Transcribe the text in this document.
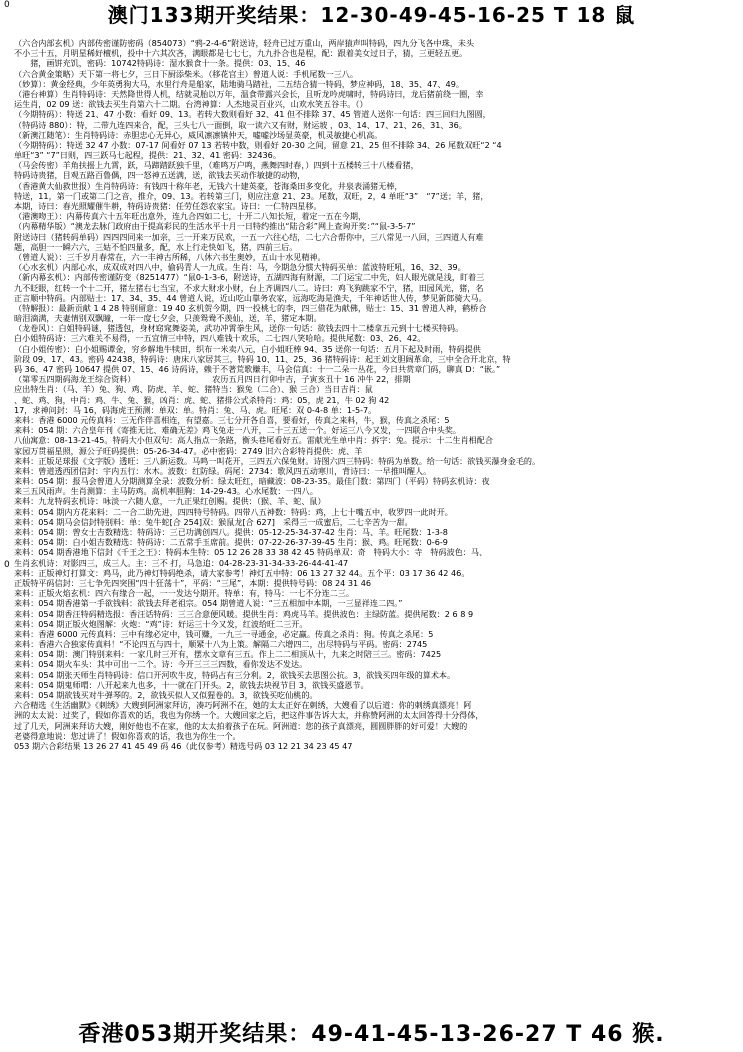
澳门133期开奖结果：12-30-49-45-16-25 T 18 鼠
0
0
（六合内部玄机）内部传密谨防密码（854073）“鸦-2-4-6”附送诗，轻舟已过万重山，两岸猿声叫特码，四九分飞各中珠，未头
不小三十五，月明星稀好檀机，投中十六其次吝，满眼都是七七七，九九扑合也是程，配：跟着美女过日子，猜，三更轻五更。
　　猪，画饼充饥，密码：10742特码诗：湿水猴食十一条。提供：03、15、46
（六合黄金策略）天下第一将七夕，三日下厨添柴米。（移花宫主）曾道人说：手机尾数一三八。
（妙算）：黄金经典，少年英勇狗大马，水里行舟是船家，陆地骑马踏社，二五结合猜一特码，梦应神码，18、35、47、49。
（港台神算）生肖特码诗：天然降世得人机，结就灵胎以万年，温食带露兴会长，且听龙吟虎啸时，特码诗曰，龙后猪前绕一圈，幸
运生肖，02 09 送：欲钱去买生肖第六十二期。台湾神算：人杰地灵百业兴，山欢水笑五谷丰。（）
（今期特码）：特送 21、47 小数：看好 09、13。若转大数则看好 32、41 但不排除 37、45 管道人送你一句话：四三回归九图圆，
（特码诗 880）：特，二带九连四来合，配，三头七八一面倒，取一读六又有财，财运坡 ，03、14、17、21、26、31、36。
（新澳江随笔）：生肖特码诗：赤胆忠心无异心，威风凛凛镇仲天，嘘嘘沙场显英豪，机灵敏捷心机高。
（今期特码）：特送 32 47 小数：07-17 间看好 07 13 若转中数，则看好 20-30 之间，留意 21、25 但不排除 34、26 尾数双旺“2 “4
单旺“3” “7”日则，四三跃马七起程，提供：21、32、41 密码：32436。
（马会传密）羊角扶摇上九霄，跃，马蹄踏跃独千里，（难鸣万户鸣，燕舞四时春，）四到十五楼转三十八楼看猪，
特码诗贵猪，目观五路百鲁偶，四一怒神五送满，送，欲钱去买动作敏捷的动物，
（香港黄大仙救世报）生肖特码诗：有钱四十称年老，无钱六十建英豪，苍海桑田多变化，井泉表涌猪无棒，
特送，11，第一门或第二门之音，推介，09、13。若转第三门，则应注意 21、23。尾数，双旺，2，4 单旺“3”　“7”送；羊，猪，
本期，诗曰：春光照耀催牛耕，特码诗贵猪：任劳任怨农家宝。诗曰：一仁特四星移。
（港澳吻王）：内幕传真六十五年旺出意外，连九合四如二七，十开二八知长短，着定一五在今期，
（内幕精华版）“澳龙去脉门政府由于提高彩民的生活水平十月一日特约推出“陆合彩”网上查询开奖：”“鼠-3-5-7”
附送诗曰（猪转码单码）四四四同来一加亲，三一开来万民欢，一五一六往心结，二七六合帮你中，三八常见一八回，三四道人有难
题，高胆一一瞬六六，三姑不怕四量多，配，水上行走快如飞，猪，四前三后。
（曾道人说）：三千岁月春常在，六一丰神古所稀，八休六书生奥妙，五山十水见精神。
（心水玄机）内部心水，成双成对四八中，偷码青人一九成。生肖：马，今期急分惯大特码买单：蓝波特旺吼，16、32、39。
（新内幕玄机）：内部传密谨防变（8251477）“鼠0-1-3-6，附送诗，五湖四海有财源，二门运宝二中先，妇人眼光就是浅，盯着三
九不眨眼，红转一个十二开，猪左猪右七当宝，不求大财求小财，台上齐调四八二。诗曰：鸡飞狗跳家不宁，猪，田园风光，猪，名
正言顺中特码。内部贴士：17、34、35、44 曾道人说，近山吃山靠务农家，远海吃海是渔夫，千年神话世人传，梦见新郎骑大马。
（特解报）：最新贡献 1 4 28 特别留意：19 40 玄机贺今期，四一投桃七的李，四三借花为献佛，贴士：15、31 曾道人神，鹤桥合
暗泪滴满，夫妻情别双飘瞳，一年一度七夕会，只羡鸳鸯不羡仙，送，羊，猪定本期。
（龙卷风）：白姐特码谜，猪透包，身材窈窕舞姿美，武功冲霄拳生风，送你一句话：欲钱去四十二楼拿五元到十七楼买特码。
白小姐特码诗：三六难关不易得，一五宜情三中特，四八难钱十欢乐，二七四八笑哈哈。提供尾数：03、26、42。
（白小姐传密）：白小姐赐谭金，穷乡解地牛犊田，织布一米卖八元，白小姐旺棒 94、35 送你一句话：五月下起及时雨，特码提供
阶段 09、17、43。密码 42438，特码诗：唐床八家居其三，特码 10、11、25、36 猪特码诗：起王刘文胆阔革命，三中全合开北京，特
码 36、47 密码 10647 提供 07、15、46 诗码诗，赖于不著荒歌赚丰，马会信真：十一二朵一丛花，今日共赏章门码，聊真 D：“嵌。”
（第零五四期码海龙王综合资料）　　　　　　　　　　农历五月四日行卯中吉，子寅亥丑十 16 冲牛 22，排期
应出特生肖：（马、羊）兔、狗、鸡、防虎、羊、蛇、猪特当：猴兔（二合）、猴 三合）当日吉肖：鼠
、蛇、鸡、狗，中肖：鸡、牛、兔、猴，凶肖：虎、蛇、猪排公式杀特肖：鸡：05，虎 21，牛 02 狗 42
17，求神问封：马 16，码海虎王预测：单双：单。特肖：兔、马、虎。旺尾：双 0-4-8 单：1-5-7。
来料：香港 6000 元传真料：三无作伴喜相连，有望嘉。三七分开各自喜，要看好，传真之来料，牛，猴，传真之杀尾：5
来料：054 期：六合皇年刊《寄推无比、难确无差》鸡飞兔走一八开，二十三五送一个。好运三八今又发，一四联合中头奖。
八仙寓意：08-13-21-45。特码大小但双句：高人指点一条路，衡头巷尾看好五。雷献光生单中肖：拆字：兔。提示：十二生肖相配合
家园万贯福星照，源公子旺码提供：05-26-34-47。必中密码：2749 旧六合彩特肖提供：虎、羊
来料：正版足球报《文字版》透旺：三八新运数。马鸣一叫花开，三四五六保兔财。诗图六四三特码：特码为单数。给一句话：欲钱买瀑身金毛的。
来料：曾道透西团信封：宇内五行：水木。波数：红防绿。码尾：2734：歌风四五动寒川，背诗曰：一早推叫醒人。
来料：054 期：报马会曾道人分期测算全录：波数分析：绿太旺红，暗藏波：08-23-35。最佳门数：第四门（平码）特码玄机诗：夜
来三五风雨声。生肖测算：主马防鸡。高机率胆胸：14-29-43。心水尾数：一四八。
来料：九龙特码玄机诗：咏淡一六随人意，一九正果红创赐。提供：（猴、羊、蛇、鼠）
来料：054 期内方花来料：二一合二助先进，四四特号特码。四带八五神数：特码：鸡，上七十嘴五中，收罗四一此时开。
来料：054 期马会信封特别料：单：兔牛蛇[合 254]双：猴鼠龙[合 627]　采得三一成蜜后，二七辛苦为一甜。
来料：054 期：曾女士吉数精选：特码诗：三已功满创四八。提供：05-12-25-34-37-42 生肖：马、羊。旺尾数：1-3-8
来料：054 期：白小姐吉数精选：特码诗：二五常手玉席前。提供：07-22-26-37-39-45 生肖：猴、鸡。旺尾数：0-6-9
来料：054 期香港地下信封《千王之王》：特码本生特：05 12 26 28 33 38 42 45 特码单双：奇　特码大小：寺　特码波色：马、
生肖玄机诗：对影四三，成三人。主：三不 打，马急追：04-28-23-31-34-33-26-44-41-47
来料：正版神灯打算文：鸡马，此乃神灯特码绝杀，请大家参考！神灯五中特：06 13 27 32 44。五个平：03 17 36 42 46。
正版特平码信封：三七争先四突围“四十狂荡十”，平码：“三尾”，本期：提供特号码：08 24 31 46
来料：正版火焰玄机：四六有缘合一起，一一发达兮期开。特单：有，特马：一七不分连二三。
来料：054 期香港第一手欲钱料：欲钱去拜老祖宗。054 期曾道人说：“三五相加中本期，一三显祥连二四。”
来料：054 期香汪特码精选报：香汪话特码：三三合意便风暖。提供生肖：鸡虎马羊。提供波色：主绿防蓝。提供尾数：2 6 8 9
来料：054 期正版火炮图解：火炮：“鸡”诗：好运三十今又发，红波给旺二三开。
来料：香港 6000 元传真料：三中有缘必定中，钱可赚，一九三一寻通金，必定赢。传真之杀肖：狗。传真之杀尾：5
来料：香港六合独家传真料！“不论四五与四十，顺紧十八为上策。解隔二六增四二，出尽特码与平码。密码：2745
来料：054 期：澳门特别来料：一家几时三开有，摆水文章有三五。作上二二相顶从十，九来之时陪三三。密码：7425
来料：054 期火车头：其中可出一二个。诗：今开三三三四数，看你发达不发达。
来料：054 期张天师生肖特码诗：信口开河吹牛皮，特码占有三分利。2，欲钱买去思图公抗。3，欲钱买四年级的算术本。
来料：054 期鬼师喟：八开起来九也多，十一就在门开头。2，欲钱去块视节目 3，欲钱买盛恩节。
来料：054 期欲钱买对牛弹琴的。2，欲钱买似人又似猩卷的。3，欲钱买吃仙桃的。
六合精选《生活幽默》《刺绣》大嫂到阿洲家拜访，凑巧阿洲不在，她的太太正好在刺绣，大嫂看了以后道：你的刺绣真漂亮！阿
洲的太太说：过奖了，假如你喜欢的话，我也为你绣一个。大嫂回家之后，把这件事告诉大太，并称赞阿洲的太太回答得十分得体，
过了几天，阿洲来拜访大嫂，刚好他也不在家，他的太太拍着孩子在玩。阿洲道：您的孩子真漂亮，圆圆胖胖的好可爱！大嫂的
老婆得意地说：您过讲了！假如你喜欢的话，我也为你生一个。
053 期六合彩结果 13 26 27 41 45 49 码 46（此仅参考）精选号码 03 12 21 34 23 45 47
香港053期开奖结果：49-41-45-13-26-27 T 46 猴.
